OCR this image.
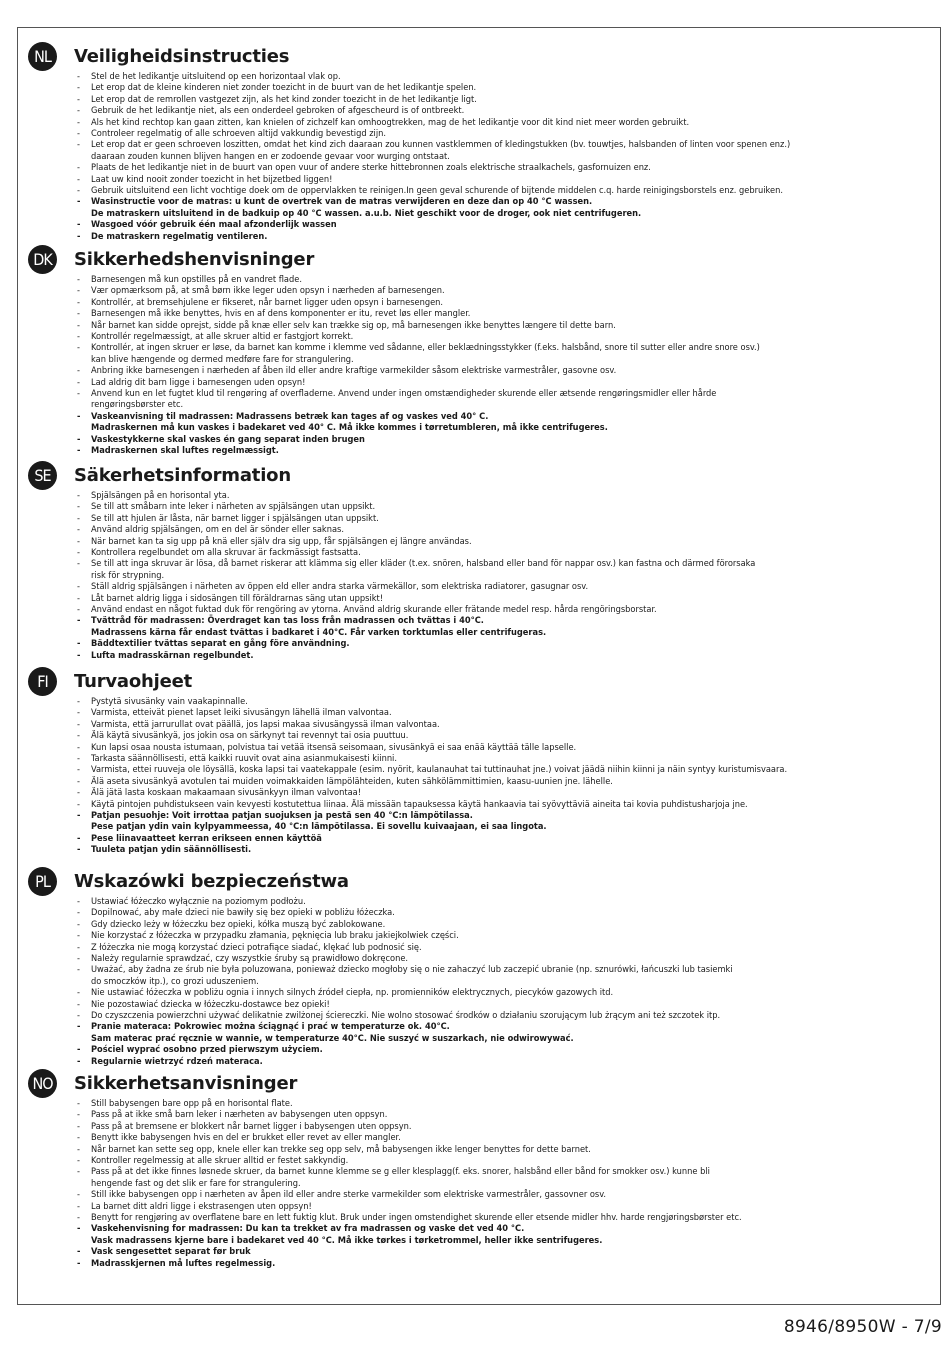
NL	Veiligheidsinstructies
- Stel de het ledikantje uitsluitend op een horizontaal vlak op.
- Let erop dat de kleine kinderen niet zonder toezicht in de buurt van de het ledikantje spelen.
- Let erop dat de remrollen vastgezet zijn, als het kind zonder toezicht in de het ledikantje ligt.
- Gebruik de het ledikantje niet, als een onderdeel gebroken of afgescheurd is of ontbreekt.
- Als het kind rechtop kan gaan zitten, kan knielen of zichzelf kan omhoogtrekken, mag de het ledikantje voor dit kind niet meer worden gebruikt.
- Controleer regelmatig of alle schroeven altijd vakkundig bevestigd zijn.
- Let erop dat er geen schroeven loszitten, omdat het kind zich daaraan zou kunnen vastklemmen of kledingstukken (bv. touwtjes, halsbanden of linten voor spenen enz.)
daaraan zouden kunnen blijven hangen en er zodoende gevaar voor wurging ontstaat.
- Plaats de het ledikantje niet in de buurt van open vuur of andere sterke hittebronnen zoals elektrische straalkachels, gasfornuizen enz.
- Laat uw kind nooit zonder toezicht in het bijzetbed liggen!
- Gebruik uitsluitend een licht vochtige doek om de oppervlakken te reinigen.In geen geval schurende of bijtende middelen c.q. harde reinigingsborstels enz. gebruiken.
- Wasinstructie voor de matras: u kunt de overtrek van de matras verwijderen en deze dan op 40 °C wassen.
De matraskern uitsluitend in de badkuip op 40 °C wassen. a.u.b. Niet geschikt voor de droger, ook niet centrifugeren.
- Wasgoed vóór gebruik één maal afzonderlijk wassen
- De matraskern regelmatig ventileren.
DK Sikkerhedshenvisninger
- Barnesengen må kun opstilles på en vandret flade.
- Vær opmærksom på, at små børn ikke leger uden opsyn i nærheden af barnesengen.
- Kontrollér, at bremsehjulene er fikseret, når barnet ligger uden opsyn i barnesengen.
- Barnesengen må ikke benyttes, hvis en af dens komponenter er itu, revet løs eller mangler.
- Når barnet kan sidde oprejst, sidde på knæ eller selv kan trække sig op, må barnesengen ikke benyttes længere til dette barn.
- Kontrollér regelmæssigt, at alle skruer altid er fastgjort korrekt.
- Kontrollér, at ingen skruer er løse, da barnet kan komme i klemme ved sådanne, eller beklædningsstykker (f.eks. halsbånd, snore til sutter eller andre snore osv.)
kan blive hængende og dermed medføre fare for strangulering.
- Anbring ikke barnesengen i nærheden af åben ild eller andre kraftige varmekilder såsom elektriske varmestråler, gasovne osv.
- Lad aldrig dit barn ligge i barnesengen uden opsyn!
- Anvend kun en let fugtet klud til rengøring af overfladerne. Anvend under ingen omstændigheder skurende eller ætsende rengøringsmidler eller hårde
rengøringsbørster etc.
- Vaskeanvisning til madrassen: Madrassens betræk kan tages af og vaskes ved 40° C.
Madraskernen må kun vaskes i badekaret ved 40° C. Må ikke kommes i tørretumbleren, må ikke centrifugeres.
- Vaskestykkerne skal vaskes én gang separat inden brugen
- Madraskernen skal luftes regelmæssigt.
SE	Säkerhetsinformation
- Spjälsängen på en horisontal yta.
- Se till att småbarn inte leker i närheten av spjälsängen utan uppsikt.
- Se till att hjulen är låsta, när barnet ligger i spjälsängen utan uppsikt.
- Använd aldrig spjälsängen, om en del är sönder eller saknas.
- När barnet kan ta sig upp på knä eller själv dra sig upp, får spjälsängen ej längre användas.
- Kontrollera regelbundet om alla skruvar är fackmässigt fastsatta.
- Se till att inga skruvar är lösa, då barnet riskerar att klämma sig eller kläder (t.ex. snören, halsband eller band för nappar osv.) kan fastna och därmed förorsaka
risk för strypning.
- Ställ aldrig spjälsängen i närheten av öppen eld eller andra starka värmekällor, som elektriska radiatorer, gasugnar osv.
- Låt barnet aldrig ligga i sidosängen till föräldrarnas säng utan uppsikt!
- Använd endast en något fuktad duk för rengöring av ytorna. Använd aldrig skurande eller frätande medel resp. hårda rengöringsborstar.
- Tvättråd för madrassen: Överdraget kan tas loss från madrassen och tvättas i 40°C.
Madrassens kärna får endast tvättas i badkaret i 40°C. Får varken torktumlas eller centrifugeras.
- Bäddtextilier tvättas separat en gång före användning.
- Lufta madrasskärnan regelbundet.
FI	Turvaohjeet
- Pystytä sivusänky vain vaakapinnalle.
- Varmista, etteivät pienet lapset leiki sivusängyn lähellä ilman valvontaa.
- Varmista, että jarrurullat ovat päällä, jos lapsi makaa sivusängyssä ilman valvontaa.
- Älä käytä sivusänkyä, jos jokin osa on särkynyt tai revennyt tai osia puuttuu.
- Kun lapsi osaa nousta istumaan, polvistua tai vetää itsensä seisomaan, sivusänkyä ei saa enää käyttää tälle lapselle.
- Tarkasta säännöllisesti, että kaikki ruuvit ovat aina asianmukaisesti kiinni.
- Varmista, ettei ruuveja ole löysällä, koska lapsi tai vaatekappale (esim. nyörit, kaulanauhat tai tuttinauhat jne.) voivat jäädä niihin kiinni ja näin syntyy kuristumisvaara.
- Älä aseta sivusänkyä avotulen tai muiden voimakkaiden lämpölähteiden, kuten sähkölämmittimien, kaasu-uunien jne. lähelle.
- Älä jätä lasta koskaan makaamaan sivusänkyyn ilman valvontaa!
- Käytä pintojen puhdistukseen vain kevyesti kostutettua liinaa. Älä missään tapauksessa käytä hankaavia tai syövyttäviä aineita tai kovia puhdistusharjoja jne.
- Patjan pesuohje: Voit irrottaa patjan suojuksen ja pestä sen 40 °C:n lämpötilassa.
Pese patjan ydin vain kylpyammeessa, 40 °C:n lämpötilassa. Ei sovellu kuivaajaan, ei saa lingota.
- Pese liinavaatteet kerran erikseen ennen käyttöä
- Tuuleta patjan ydin säännöllisesti.
PL	Wskazówki bezpieczeństwa
- Ustawiać łóżeczko wyłącznie na poziomym podłożu.
- Dopilnować, aby małe dzieci nie bawiły się bez opieki w pobliżu łóżeczka.
- Gdy dziecko leży w łóżeczku bez opieki, kółka muszą być zablokowane.
- Nie korzystać z łóżeczka w przypadku złamania, pęknięcia lub braku jakiejkolwiek części.
- Z łóżeczka nie mogą korzystać dzieci potrafiące siadać, klękać lub podnosić się.
- Należy regularnie sprawdzać, czy wszystkie śruby są prawidłowo dokręcone.
- Uważać, aby żadna ze śrub nie była poluzowana, ponieważ dziecko mogłoby się o nie zahaczyć lub zaczepić ubranie (np. sznurówki, łańcuszki lub tasiemki
do smoczków itp.), co grozi uduszeniem.
- Nie ustawiać łóżeczka w pobliżu ognia i innych silnych źródeł ciepła, np. promienników elektrycznych, piecyków gazowych itd.
- Nie pozostawiać dziecka w łóżeczku-dostawce bez opieki!
- Do czyszczenia powierzchni używać delikatnie zwilżonej ściereczki. Nie wolno stosować środków o działaniu szorującym lub żrącym ani też szczotek itp.
- Pranie materaca: Pokrowiec można ściągnąć i prać w temperaturze ok. 40°C.
Sam materac prać ręcznie w wannie, w temperaturze 40°C. Nie suszyć w suszarkach, nie odwirowywać.
- Pościel wyprać osobno przed pierwszym użyciem.
- Regularnie wietrzyć rdzeń materaca.
NO Sikkerhetsanvisninger
- Still babysengen bare opp på en horisontal flate.
- Pass på at ikke små barn leker i nærheten av babysengen uten oppsyn.
- Pass på at bremsene er blokkert når barnet ligger i babysengen uten oppsyn.
- Benytt ikke babysengen hvis en del er brukket eller revet av eller mangler.
- Når barnet kan sette seg opp, knele eller kan trekke seg opp selv, må babysengen ikke lenger benyttes for dette barnet.
- Kontroller regelmessig at alle skruer alltid er festet sakkyndig.
- Pass på at det ikke finnes løsnede skruer, da barnet kunne klemme se g eller klesplagg(f. eks. snorer, halsbånd eller bånd for smokker osv.) kunne bli
hengende fast og det slik er fare for strangulering.
- Still ikke babysengen opp i nærheten av åpen ild eller andre sterke varmekilder som elektriske varmestråler, gassovner osv.
- La barnet ditt aldri ligge i ekstrasengen uten oppsyn!
- Benytt for rengjøring av overflatene bare en lett fuktig klut. Bruk under ingen omstendighet skurende eller etsende midler hhv. harde rengjøringsbørster etc.
- Vaskehenvisning for madrassen: Du kan ta trekket av fra madrassen og vaske det ved 40 °C.
Vask madrassens kjerne bare i badekaret ved 40 °C. Må ikke tørkes i tørketrommel, heller ikke sentrifugeres.
- Vask sengesettet separat før bruk
- Madrasskjernen må luftes regelmessig.
8946/8950W - 7/9
